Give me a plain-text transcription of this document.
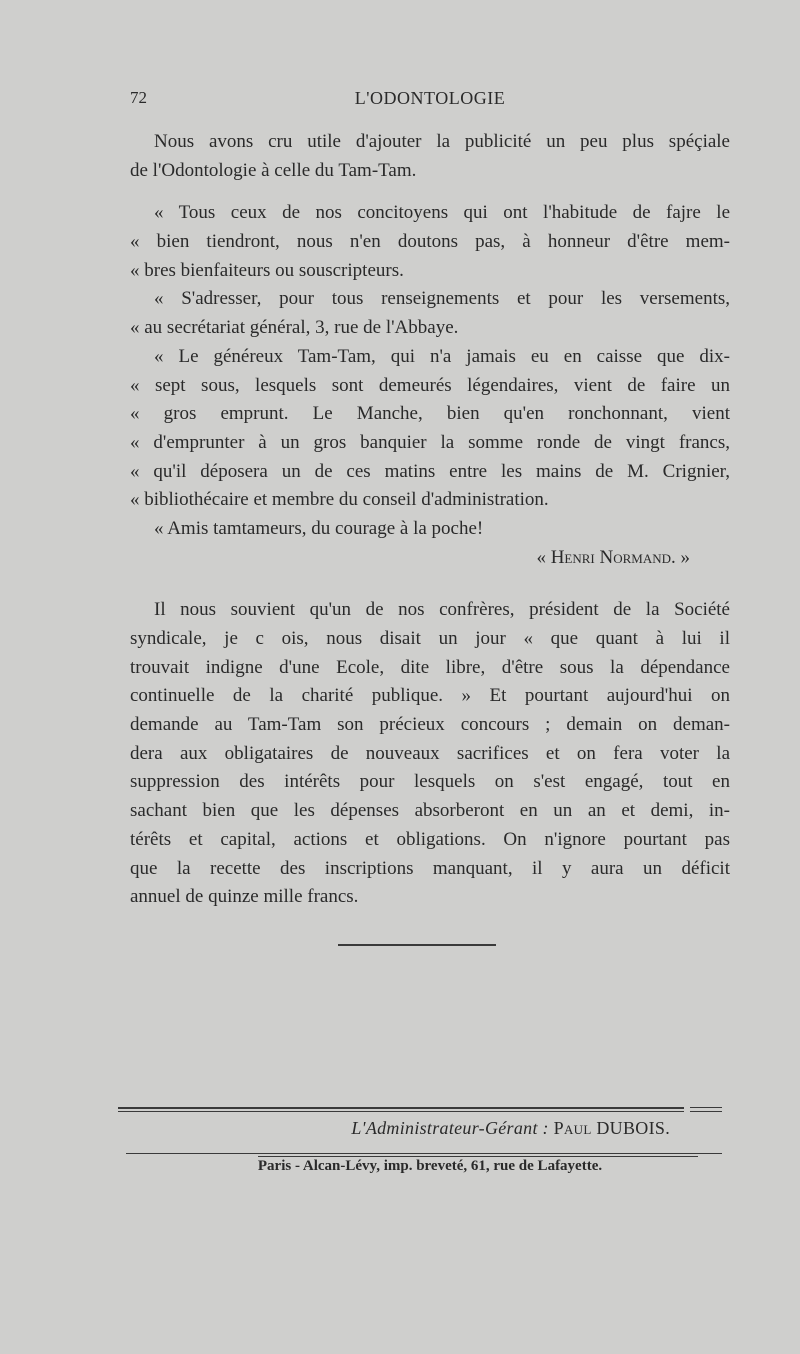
72	L'ODONTOLOGIE
Nous avons cru utile d'ajouter la publicité un peu plus spéçiale
de l'Odontologie à celle du Tam-Tam.
« Tous ceux de nos concitoyens qui ont l'habitude de fajre le
« bien tiendront, nous n'en doutons pas, à honneur d'être mem-
« bres bienfaiteurs ou souscripteurs.
« S'adresser, pour tous renseignements et pour les versements,
« au secrétariat général, 3, rue de l'Abbaye.
« Le généreux Tam-Tam, qui n'a jamais eu en caisse que dix-
« sept sous, lesquels sont demeurés légendaires, vient de faire un
« gros emprunt. Le Manche, bien qu'en ronchonnant, vient
« d'emprunter à un gros banquier la somme ronde de vingt francs,
« qu'il déposera un de ces matins entre les mains de M. Crignier,
« bibliothécaire et membre du conseil d'administration.
« Amis tamtameurs, du courage à la poche!
« Henri Normand. »
Il nous souvient qu'un de nos confrères, président de la Société
syndicale, je c ois, nous disait un jour « que quant à lui il
trouvait indigne d'une Ecole, dite libre, d'être sous la dépendance
continuelle de la charité publique. » Et pourtant aujourd'hui on
demande au Tam-Tam son précieux concours ; demain on deman-
dera aux obligataires de nouveaux sacrifices et on fera voter la
suppression des intérêts pour lesquels on s'est engagé, tout en
sachant bien que les dépenses absorberont en un an et demi, in-
térêts et capital, actions et obligations. On n'ignore pourtant pas
que la recette des inscriptions manquant, il y aura un déficit
annuel de quinze mille francs.
L'Administrateur-Gérant : Paul DUBOIS.
Paris - Alcan-Lévy, imp. breveté, 61, rue de Lafayette.
